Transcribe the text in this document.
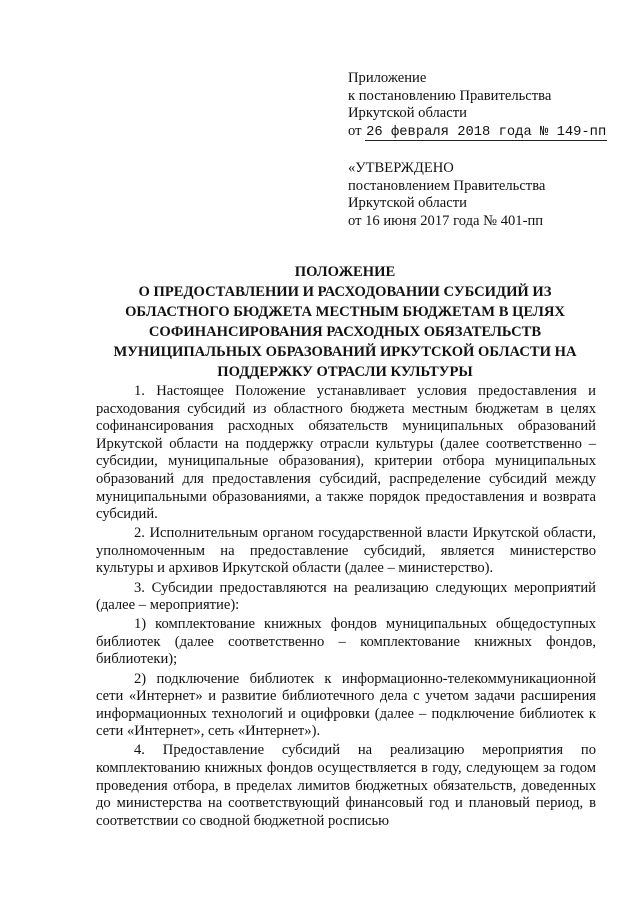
Приложение
к постановлению Правительства
Иркутской области
от 26 февраля 2018 года № 149-пп
«УТВЕРЖДЕНО
постановлением Правительства
Иркутской области
от 16 июня 2017 года № 401-пп
ПОЛОЖЕНИЕ
О ПРЕДОСТАВЛЕНИИ И РАСХОДОВАНИИ СУБСИДИЙ ИЗ
ОБЛАСТНОГО БЮДЖЕТА МЕСТНЫМ БЮДЖЕТАМ В ЦЕЛЯХ
СОФИНАНСИРОВАНИЯ РАСХОДНЫХ ОБЯЗАТЕЛЬСТВ
МУНИЦИПАЛЬНЫХ ОБРАЗОВАНИЙ ИРКУТСКОЙ ОБЛАСТИ НА
ПОДДЕРЖКУ ОТРАСЛИ КУЛЬТУРЫ

1. Настоящее Положение устанавливает условия предоставления и расходования субсидий из областного бюджета местным бюджетам в целях софинансирования расходных обязательств муниципальных образований Иркутской области на поддержку отрасли культуры (далее соответственно – субсидии, муниципальные образования), критерии отбора муниципальных образований для предоставления субсидий, распределение субсидий между муниципальными образованиями, а также порядок предоставления и возврата субсидий.

2. Исполнительным органом государственной власти Иркутской области, уполномоченным на предоставление субсидий, является министерство культуры и архивов Иркутской области (далее – министерство).

3. Субсидии предоставляются на реализацию следующих мероприятий (далее – мероприятие):

1) комплектование книжных фондов муниципальных общедоступных библиотек (далее соответственно – комплектование книжных фондов, библиотеки);

2) подключение библиотек к информационно-телекоммуникационной сети «Интернет» и развитие библиотечного дела с учетом задачи расширения информационных технологий и оцифровки (далее – подключение библиотек к сети «Интернет», сеть «Интернет»).

4. Предоставление субсидий на реализацию мероприятия по комплектованию книжных фондов осуществляется в году, следующем за годом проведения отбора, в пределах лимитов бюджетных обязательств, доведенных до министерства на соответствующий финансовый год и плановый период, в соответствии со сводной бюджетной росписью
